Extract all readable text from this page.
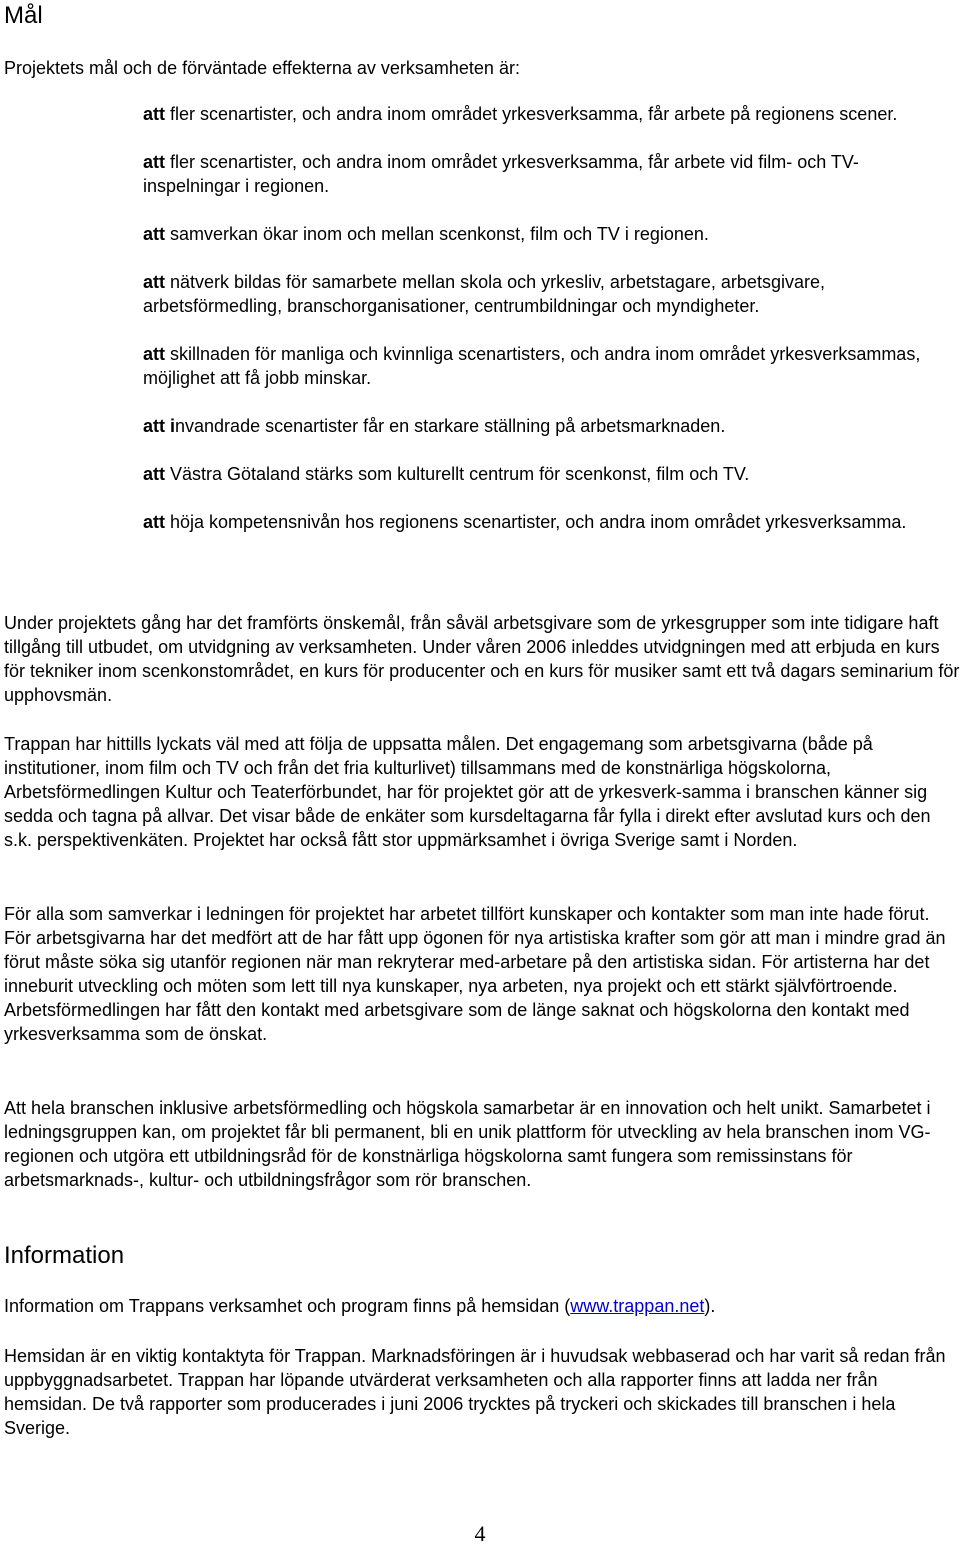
Mål

Projektets mål och de förväntade effekterna av verksamheten är:

att fler scenartister, och andra inom området yrkesverksamma, får arbete på regionens scener.
att fler scenartister, och andra inom området yrkesverksamma, får arbete vid film- och TV-inspelningar i regionen.
att samverkan ökar inom och mellan scenkonst, film och TV i regionen.
att nätverk bildas för samarbete mellan skola och yrkesliv, arbetstagare, arbetsgivare, arbetsförmedling, branschorganisationer, centrumbildningar och myndigheter.
att skillnaden för manliga och kvinnliga scenartisters, och andra inom området yrkesverksammas, möjlighet att få jobb minskar.
att invandrade scenartister får en starkare ställning på arbetsmarknaden.
att Västra Götaland stärks som kulturellt centrum för scenkonst, film och TV.
att höja kompetensnivån hos regionens scenartister, och andra inom området yrkesverksamma.

Under projektets gång har det framförts önskemål, från såväl arbetsgivare som de yrkesgrupper som inte tidigare haft tillgång till utbudet, om utvidgning av verksamheten. Under våren 2006 inleddes utvidgningen med att erbjuda en kurs för tekniker inom scenkonstområdet, en kurs för producenter och en kurs för musiker samt ett två dagars seminarium för upphovsmän.

Trappan har hittills lyckats väl med att följa de uppsatta målen. Det engagemang som arbetsgivarna (både på institutioner, inom film och TV och från det fria kulturlivet) tillsammans med de konstnärliga högskolorna, Arbetsförmedlingen Kultur och Teaterförbundet, har för projektet gör att de yrkesverk-samma i branschen känner sig sedda och tagna på allvar. Det visar både de enkäter som kursdeltagarna får fylla i direkt efter avslutad kurs och den s.k. perspektivenkäten. Projektet har också fått stor uppmärksamhet i övriga Sverige samt i Norden.

För alla som samverkar i ledningen för projektet har arbetet tillfört kunskaper och kontakter som man inte hade förut. För arbetsgivarna har det medfört att de har fått upp ögonen för nya artistiska krafter som gör att man i mindre grad än förut måste söka sig utanför regionen när man rekryterar med-arbetare på den artistiska sidan. För artisterna har det inneburit utveckling och möten som lett till nya kunskaper, nya arbeten, nya projekt och ett stärkt självförtroende. Arbetsförmedlingen har fått den kontakt med arbetsgivare som de länge saknat och högskolorna den kontakt med yrkesverksamma som de önskat.

Att hela branschen inklusive arbetsförmedling och högskola samarbetar är en innovation och helt unikt. Samarbetet i ledningsgruppen kan, om projektet får bli permanent, bli en unik plattform för utveckling av hela branschen inom VG-regionen och utgöra ett utbildningsråd för de konstnärliga högskolorna samt fungera som remissinstans för arbetsmarknads-, kultur- och utbildningsfrågor som rör branschen.

Information

Information om Trappans verksamhet och program finns på hemsidan (www.trappan.net).

Hemsidan är en viktig kontaktyta för Trappan. Marknadsföringen är i huvudsak webbaserad och har varit så redan från uppbyggnadsarbetet. Trappan har löpande utvärderat verksamheten och alla rapporter finns att ladda ner från hemsidan. De två rapporter som producerades i juni 2006 trycktes på tryckeri och skickades till branschen i hela Sverige.

4
